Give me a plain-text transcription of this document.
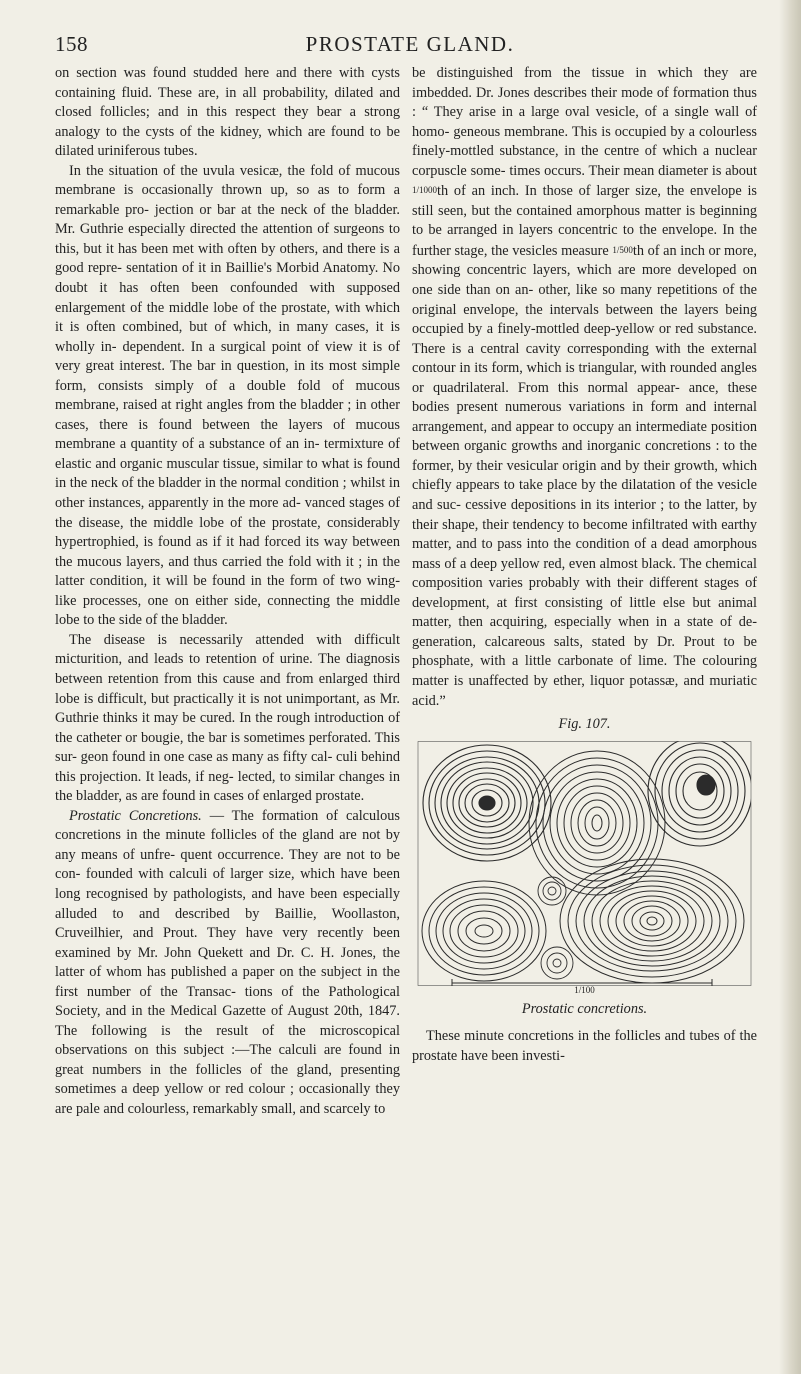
158	PROSTATE GLAND.

on section was found studded here and there with cysts containing fluid. These are, in all probability, dilated and closed follicles; and in this respect they bear a strong analogy to the cysts of the kidney, which are found to be dilated uriniferous tubes.

In the situation of the uvula vesicæ, the fold of mucous membrane is occasionally thrown up, so as to form a remarkable pro- jection or bar at the neck of the bladder. Mr. Guthrie especially directed the attention of surgeons to this, but it has been met with often by others, and there is a good repre- sentation of it in Baillie's Morbid Anatomy. No doubt it has often been confounded with supposed enlargement of the middle lobe of the prostate, with which it is often combined, but of which, in many cases, it is wholly in- dependent. In a surgical point of view it is of very great interest. The bar in question, in its most simple form, consists simply of a double fold of mucous membrane, raised at right angles from the bladder ; in other cases, there is found between the layers of mucous membrane a quantity of a substance of an in- termixture of elastic and organic muscular tissue, similar to what is found in the neck of the bladder in the normal condition ; whilst in other instances, apparently in the more ad- vanced stages of the disease, the middle lobe of the prostate, considerably hypertrophied, is found as if it had forced its way between the mucous layers, and thus carried the fold with it ; in the latter condition, it will be found in the form of two wing-like processes, one on either side, connecting the middle lobe to the side of the bladder.

The disease is necessarily attended with difficult micturition, and leads to retention of urine. The diagnosis between retention from this cause and from enlarged third lobe is difficult, but practically it is not unimportant, as Mr. Guthrie thinks it may be cured. In the rough introduction of the catheter or bougie, the bar is sometimes perforated. This sur- geon found in one case as many as fifty cal- culi behind this projection. It leads, if neg- lected, to similar changes in the bladder, as are found in cases of enlarged prostate.

Prostatic Concretions. — The formation of calculous concretions in the minute follicles of the gland are not by any means of unfre- quent occurrence. They are not to be con- founded with calculi of larger size, which have been long recognised by pathologists, and have been especially alluded to and described by Baillie, Woollaston, Cruveilhier, and Prout. They have very recently been examined by Mr. John Quekett and Dr. C. H. Jones, the latter of whom has published a paper on the subject in the first number of the Transac- tions of the Pathological Society, and in the Medical Gazette of August 20th, 1847. The following is the result of the microscopical observations on this subject :—The calculi are found in great numbers in the follicles of the gland, presenting sometimes a deep yellow or red colour ; occasionally they are pale and colourless, remarkably small, and scarcely to

be distinguished from the tissue in which they are imbedded. Dr. Jones describes their mode of formation thus : “ They arise in a large oval vesicle, of a single wall of homo- geneous membrane. This is occupied by a colourless finely-mottled substance, in the centre of which a nuclear corpuscle some- times occurs. Their mean diameter is about 1/1000th of an inch. In those of larger size, the envelope is still seen, but the contained amorphous matter is beginning to be arranged in layers concentric to the envelope. In the further stage, the vesicles measure 1/500th of an inch or more, showing concentric layers, which are more developed on one side than on an- other, like so many repetitions of the original envelope, the intervals between the layers being occupied by a finely-mottled deep-yellow or red substance. There is a central cavity corresponding with the external contour in its form, which is triangular, with rounded angles or quadrilateral. From this normal appear- ance, these bodies present numerous variations in form and internal arrangement, and appear to occupy an intermediate position between organic growths and inorganic concretions : to the former, by their vesicular origin and by their growth, which chiefly appears to take place by the dilatation of the vesicle and suc- cessive depositions in its interior ; to the latter, by their shape, their tendency to become infiltrated with earthy matter, and to pass into the condition of a dead amorphous mass of a deep yellow red, even almost black. The chemical composition varies probably with their different stages of development, at first consisting of little else but animal matter, then acquiring, especially when in a state of de- generation, calcareous salts, stated by Dr. Prout to be phosphate, with a little carbonate of lime. The colouring matter is unaffected by ether, liquor potassæ, and muriatic acid.”

Fig. 107.
1/100
Prostatic concretions.

These minute concretions in the follicles and tubes of the prostate have been investi-
